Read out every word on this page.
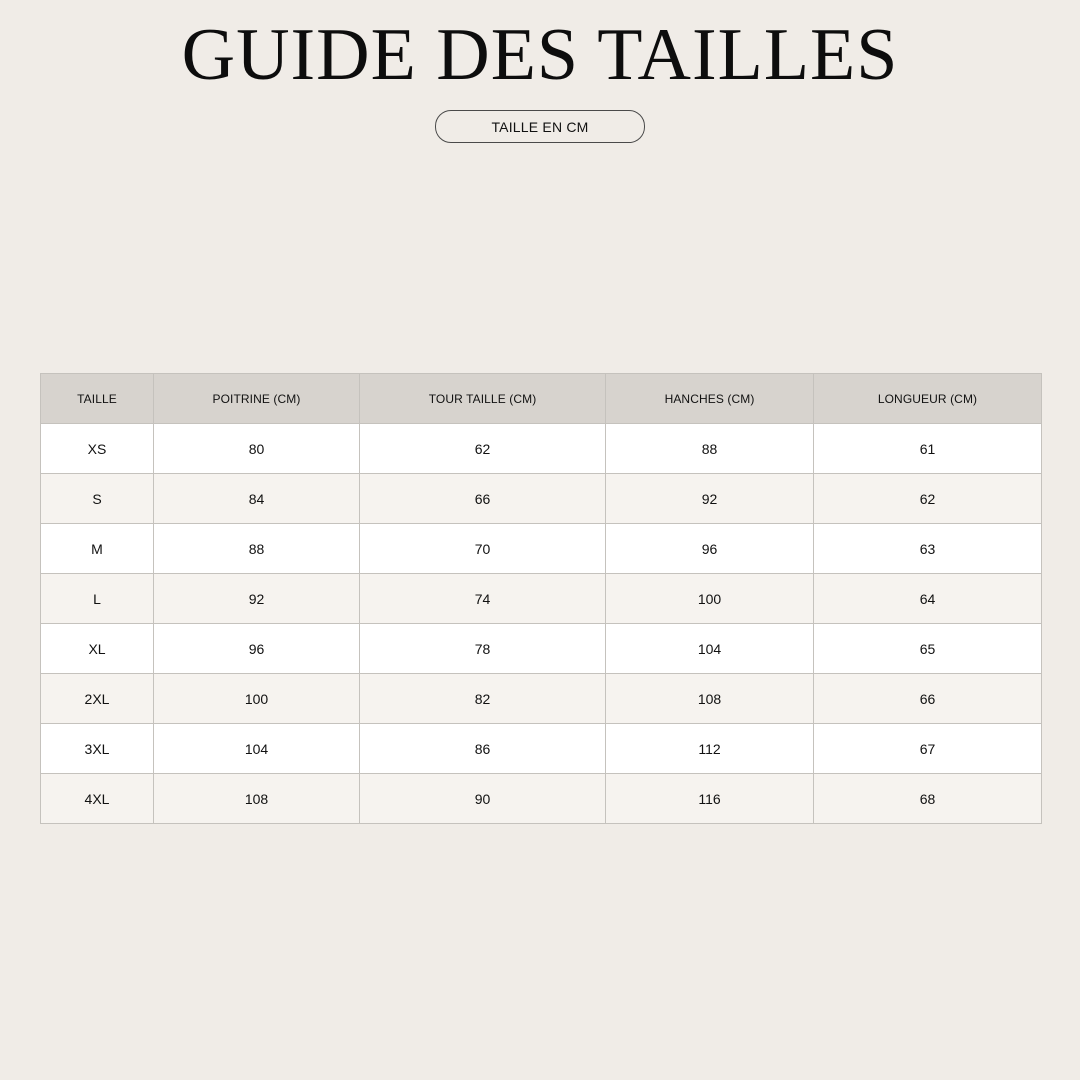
GUIDE DES TAILLES
TAILLE EN CM
TAILLE	POITRINE (CM)	TOUR TAILLE (CM)	HANCHES (CM)	LONGUEUR (CM)
XS	80	62	88	61
S	84	66	92	62
M	88	70	96	63
L	92	74	100	64
XL	96	78	104	65
2XL	100	82	108	66
3XL	104	86	112	67
4XL	108	90	116	68
